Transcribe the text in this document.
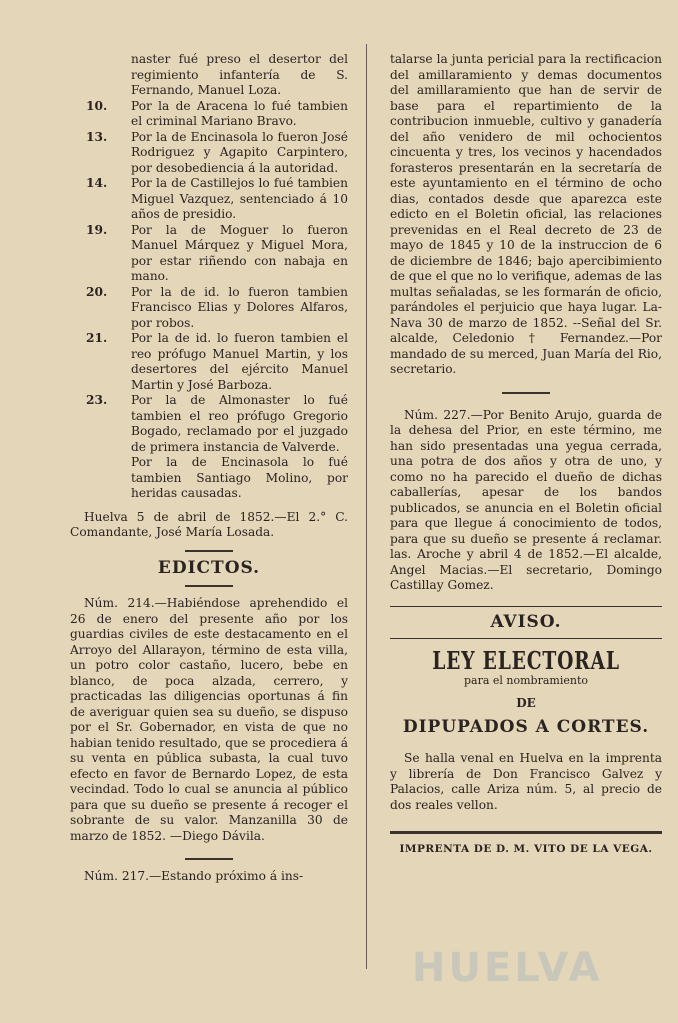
naster fué preso el desertor del regimiento infantería de S. Fernando, Manuel Loza.

10. Por la de Aracena lo fué tambien el criminal Mariano Bravo.

13. Por la de Encinasola lo fueron José Rodriguez y Agapito Carpintero, por desobediencia á la autoridad.

14. Por la de Castillejos lo fué tambien Miguel Vazquez, sentenciado á 10 años de presidio.

19. Por la de Moguer lo fueron Manuel Márquez y Miguel Mora, por estar riñendo con nabaja en mano.

20. Por la de id. lo fueron tambien Francisco Elias y Dolores Alfaros, por robos.

21. Por la de id. lo fueron tambien el reo prófugo Manuel Martin, y los desertores del ejército Manuel Martin y José Barboza.

23. Por la de Almonaster lo fué tambien el reo prófugo Gregorio Bogado, reclamado por el juzgado de primera instancia de Valverde.

Por la de Encinasola lo fué tambien Santiago Molino, por heridas causadas.

Huelva 5 de abril de 1852.—El 2.° C. Comandante, José María Losada.

EDICTOS.

Núm. 214.—Habiéndose aprehendido el 26 de enero del presente año por los guardias civiles de este destacamento en el Arroyo del Allarayon, término de esta villa, un potro color castaño, lucero, bebe en blanco, de poca alzada, cerrero, y practicadas las diligencias oportunas á fin de averiguar quien sea su dueño, se dispuso por el Sr. Gobernador, en vista de que no habian tenido resultado, que se procediera á su venta en pública subasta, la cual tuvo efecto en favor de Bernardo Lopez, de esta vecindad. Todo lo cual se anuncia al público para que su dueño se presente á recoger el sobrante de su valor. Manzanilla 30 de marzo de 1852. —Diego Dávila.

Núm. 217.—Estando próximo á ins-

talarse la junta pericial para la rectificacion del amillaramiento y demas documentos del amillaramiento que han de servir de base para el repartimiento de la contribucion inmueble, cultivo y ganadería del año venidero de mil ochocientos cincuenta y tres, los vecinos y hacendados forasteros presentarán en la secretaría de este ayuntamiento en el término de ocho dias, contados desde que aparezca este edicto en el Boletin oficial, las relaciones prevenidas en el Real decreto de 23 de mayo de 1845 y 10 de la instruccion de 6 de diciembre de 1846; bajo apercibimiento de que el que no lo verifique, ademas de las multas señaladas, se les formarán de oficio, parándoles el perjuicio que haya lugar. La-Nava 30 de marzo de 1852. --Señal del Sr. alcalde, Celedonio † Fernandez.—Por mandado de su merced, Juan María del Rio, secretario.

Núm. 227.—Por Benito Arujo, guarda de la dehesa del Prior, en este término, me han sido presentadas una yegua cerrada, una potra de dos años y otra de uno, y como no ha parecido el dueño de dichas caballerías, apesar de los bandos publicados, se anuncia en el Boletin oficial para que llegue á conocimiento de todos, para que su dueño se presente á reclamar. las. Aroche y abril 4 de 1852.—El alcalde, Angel Macias.—El secretario, Domingo Castillay Gomez.

AVISO.
LEY ELECTORAL
para el nombramiento
DE
DIPUPADOS A CORTES.

Se halla venal en Huelva en la imprenta y librería de Don Francisco Galvez y Palacios, calle Ariza núm. 5, al precio de dos reales vellon.

IMPRENTA DE D. M. VITO DE LA VEGA.
HUELVA
